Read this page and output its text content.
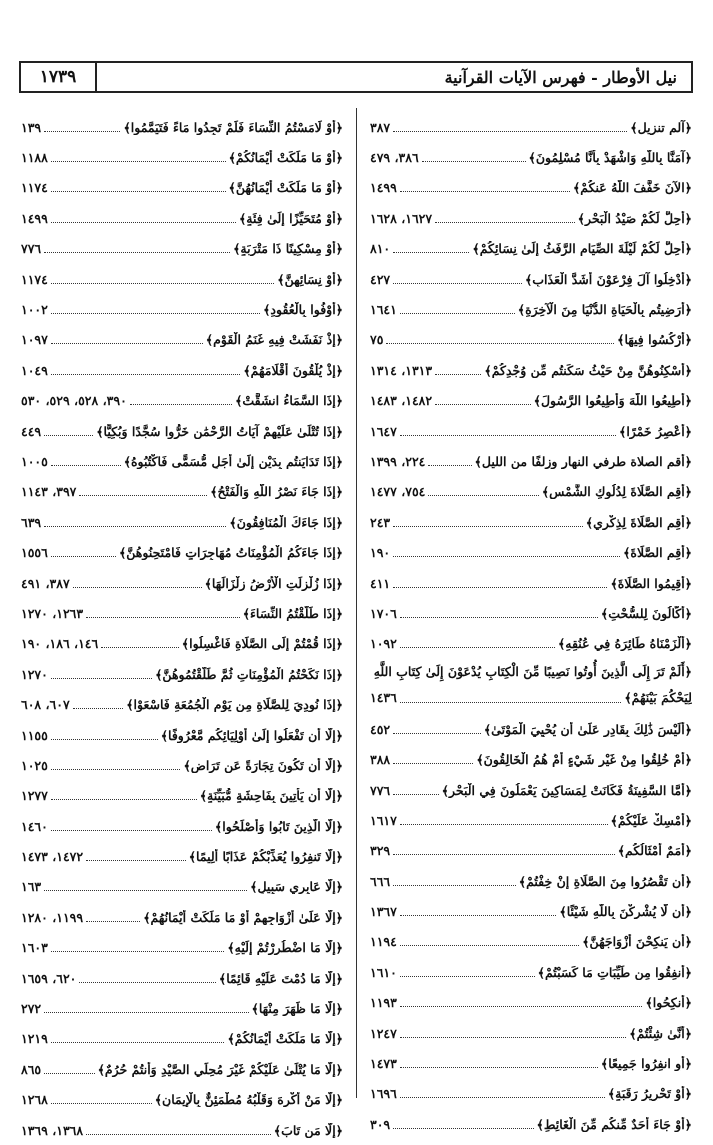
نيل الأوطار - فهرس الآيات القرآنية
١٧٣٩
﴿آلم تنزيل﴾
٣٨٧
﴿آمَنَّا بِاللَّهِ وَاشْهَدْ بِأَنَّا مُسْلِمُونَ﴾
٣٨٦، ٤٧٩
﴿الآنَ خَفَّفَ اللَّهُ عَنكُمْ﴾
١٤٩٩
﴿أُحِلَّ لَكُمْ صَيْدُ الْبَحْرِ﴾
١٦٢٧، ١٦٢٨
﴿أُحِلَّ لَكُمْ لَيْلَةَ الصِّيَامِ الرَّفَثُ إِلَىٰ نِسَائِكُمْ﴾
٨١٠
﴿أَدْخِلُوا آلَ فِرْعَوْنَ أَشَدَّ الْعَذَابِ﴾
٤٢٧
﴿أَرَضِيتُم بِالْحَيَاةِ الدُّنْيَا مِنَ الْآخِرَةِ﴾
١٦٤١
﴿أُرْكُسُوا فِيهَا﴾
٧٥
﴿أَسْكِنُوهُنَّ مِنْ حَيْثُ سَكَنتُم مِّن وُجْدِكُمْ﴾
١٣١٣، ١٣١٤
﴿أَطِيعُوا اللَّهَ وَأَطِيعُوا الرَّسُولَ﴾
١٤٨٢، ١٤٨٣
﴿أَعْصِرُ خَمْرًا﴾
١٦٤٧
﴿أقم الصلاة طرفي النهار وزلفًا من الليل﴾
٢٢٤، ١٣٩٩
﴿أَقِمِ الصَّلَاةَ لِدُلُوكِ الشَّمْسِ﴾
٧٥٤، ١٤٧٧
﴿أَقِمِ الصَّلَاةَ لِذِكْرِي﴾
٢٤٣
﴿أَقِمِ الصَّلَاةَ﴾
١٩٠
﴿أَقِيمُوا الصَّلَاةَ﴾
٤١١
﴿أَكَّالُونَ لِلسُّحْتِ﴾
١٧٠٦
﴿أَلْزَمْنَاهُ طَائِرَهُ فِي عُنُقِهِ﴾
١٠٩٢
﴿أَلَمْ تَرَ إِلَى الَّذِينَ أُوتُوا نَصِيبًا مِّنَ الْكِتَابِ يُدْعَوْنَ إِلَىٰ كِتَابِ اللَّهِ
لِيَحْكُمَ بَيْنَهُمْ﴾
١٤٣٦
﴿أَلَيْسَ ذَٰلِكَ بِقَادِرٍ عَلَىٰ أَن يُحْيِيَ الْمَوْتَىٰ﴾
٤٥٢
﴿أَمْ خُلِقُوا مِنْ غَيْرِ شَيْءٍ أَمْ هُمُ الْخَالِقُونَ﴾
٣٨٨
﴿أَمَّا السَّفِينَةُ فَكَانَتْ لِمَسَاكِينَ يَعْمَلُونَ فِي الْبَحْرِ﴾
٧٧٦
﴿أَمْسِكْ عَلَيْكُمْ﴾
١٦١٧
﴿أُمَمٌ أَمْثَالُكُم﴾
٣٢٩
﴿أَن تَقْصُرُوا مِنَ الصَّلَاةِ إِنْ خِفْتُمْ﴾
٦٦٦
﴿أَن لَّا يُشْرِكْنَ بِاللَّهِ شَيْئًا﴾
١٣٦٧
﴿أَن يَنكِحْنَ أَزْوَاجَهُنَّ﴾
١١٩٤
﴿أَنفِقُوا مِن طَيِّبَاتِ مَا كَسَبْتُمْ﴾
١٦١٠
﴿أَنكِحُوا﴾
١١٩٣
﴿أَنَّىٰ شِئْتُمْ﴾
١٢٤٧
﴿أَوِ انفِرُوا جَمِيعًا﴾
١٤٧٣
﴿أَوْ تَحْرِيرُ رَقَبَةٍ﴾
١٦٩٦
﴿أَوْ جَاءَ أَحَدٌ مِّنكُم مِّنَ الْغَائِطِ﴾
٣٠٩
﴿أَوْ لَامَسْتُمُ النِّسَاءَ فَلَمْ تَجِدُوا مَاءً فَتَيَمَّمُوا﴾
١٣٩
﴿أَوْ مَا مَلَكَتْ أَيْمَانُكُمْ﴾
١١٨٨
﴿أَوْ مَا مَلَكَتْ أَيْمَانُهُنَّ﴾
١١٧٤
﴿أَوْ مُتَحَيِّزًا إِلَىٰ فِئَةٍ﴾
١٤٩٩
﴿أَوْ مِسْكِينًا ذَا مَتْرَبَةٍ﴾
٧٧٦
﴿أَوْ نِسَائِهِنَّ﴾
١١٧٤
﴿أَوْفُوا بِالْعُقُودِ﴾
١٠٠٢
﴿إِذْ نَفَشَتْ فِيهِ غَنَمُ الْقَوْمِ﴾
١٠٩٧
﴿إِذْ يُلْقُونَ أَقْلَامَهُمْ﴾
١٠٤٩
﴿إِذَا السَّمَاءُ انشَقَّتْ﴾
٣٩٠، ٥٢٨، ٥٢٩، ٥٣٠
﴿إِذَا تُتْلَىٰ عَلَيْهِمْ آيَاتُ الرَّحْمَٰنِ خَرُّوا سُجَّدًا وَبُكِيًّا﴾
٤٤٩
﴿إِذَا تَدَايَنتُم بِدَيْنٍ إِلَىٰ أَجَلٍ مُّسَمًّى فَاكْتُبُوهُ﴾
١٠٠٥
﴿إِذَا جَاءَ نَصْرُ اللَّهِ وَالْفَتْحُ﴾
٣٩٧، ١١٤٣
﴿إِذَا جَاءَكَ الْمُنَافِقُونَ﴾
٦٣٩
﴿إِذَا جَاءَكُمُ الْمُؤْمِنَاتُ مُهَاجِرَاتٍ فَامْتَحِنُوهُنَّ﴾
١٥٥٦
﴿إِذَا زُلْزِلَتِ الْأَرْضُ زِلْزَالَهَا﴾
٣٨٧، ٤٩١
﴿إِذَا طَلَّقْتُمُ النِّسَاءَ﴾
١٢٦٣، ١٢٧٠
﴿إِذَا قُمْتُمْ إِلَى الصَّلَاةِ فَاغْسِلُوا﴾
١٤٦، ١٨٦، ١٩٠
﴿إِذَا نَكَحْتُمُ الْمُؤْمِنَاتِ ثُمَّ طَلَّقْتُمُوهُنَّ﴾
١٢٧٠
﴿إِذَا نُودِيَ لِلصَّلَاةِ مِن يَوْمِ الْجُمُعَةِ فَاسْعَوْا﴾
٦٠٧، ٦٠٨
﴿إِلَّا أَن تَفْعَلُوا إِلَىٰ أَوْلِيَائِكُم مَّعْرُوفًا﴾
١١٥٥
﴿إِلَّا أَن تَكُونَ تِجَارَةً عَن تَرَاضٍ﴾
١٠٢٥
﴿إِلَّا أَن يَأْتِينَ بِفَاحِشَةٍ مُّبَيِّنَةٍ﴾
١٢٧٧
﴿إِلَّا الَّذِينَ تَابُوا وَأَصْلَحُوا﴾
١٤٦٠
﴿إِلَّا تَنفِرُوا يُعَذِّبْكُمْ عَذَابًا أَلِيمًا﴾
١٤٧٢، ١٤٧٣
﴿إِلَّا عَابِرِي سَبِيلٍ﴾
١٦٣
﴿إِلَّا عَلَىٰ أَزْوَاجِهِمْ أَوْ مَا مَلَكَتْ أَيْمَانُهُمْ﴾
١١٩٩، ١٢٨٠
﴿إِلَّا مَا اضْطُرِرْتُمْ إِلَيْهِ﴾
١٦٠٣
﴿إِلَّا مَا دُمْتَ عَلَيْهِ قَائِمًا﴾
٦٢٠، ١٦٥٩
﴿إِلَّا مَا ظَهَرَ مِنْهَا﴾
٢٧٢
﴿إِلَّا مَا مَلَكَتْ أَيْمَانُكُمْ﴾
١٢١٩
﴿إِلَّا مَا يُتْلَىٰ عَلَيْكُمْ غَيْرَ مُحِلِّي الصَّيْدِ وَأَنتُمْ حُرُمٌ﴾
٨٦٥
﴿إِلَّا مَنْ أُكْرِهَ وَقَلْبُهُ مُطْمَئِنٌّ بِالْإِيمَانِ﴾
١٢٦٨
﴿إِلَّا مَن تَابَ﴾
١٣٦٨، ١٣٦٩
